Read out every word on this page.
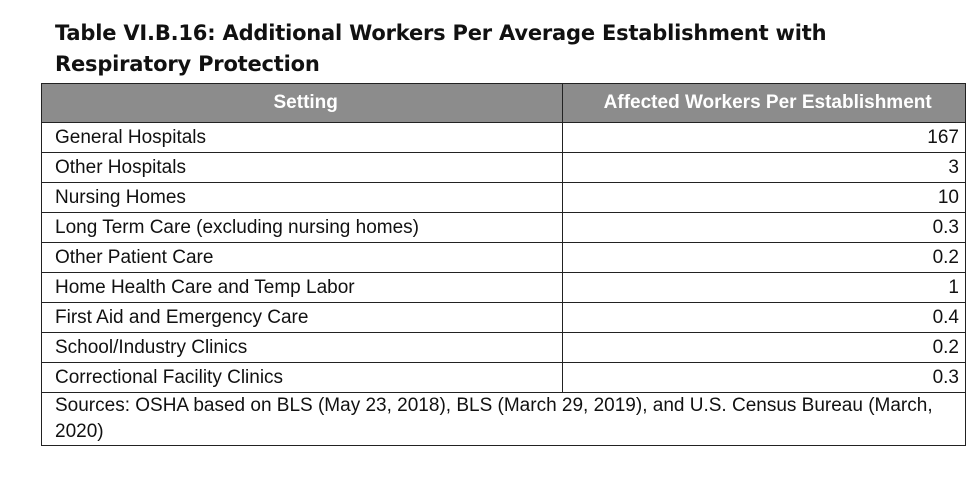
Table VI.B.16: Additional Workers Per Average Establishment with Respiratory Protection
Setting	Affected Workers Per Establishment
General Hospitals	167
Other Hospitals	3
Nursing Homes	10
Long Term Care (excluding nursing homes)	0.3
Other Patient Care	0.2
Home Health Care and Temp Labor	1
First Aid and Emergency Care	0.4
School/Industry Clinics	0.2
Correctional Facility Clinics	0.3
Sources: OSHA based on BLS (May 23, 2018), BLS (March 29, 2019), and U.S. Census Bureau (March, 2020)	
